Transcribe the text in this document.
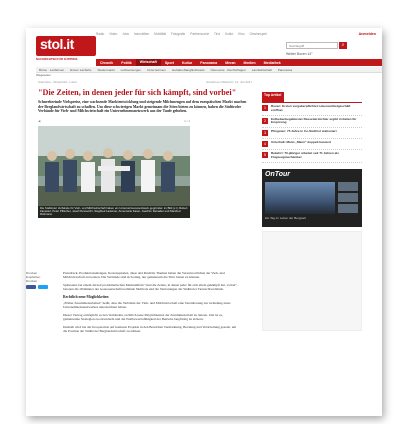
Radio Video Jobs Immobilien Mobilität Fotografie Partnersuche Tirol Kultur Kino Gewinnspiel	Anmelden
stol.it
NACHRICHTEN FÜR SÜDTIROL
Suchbegriff
⌕
Wetter Bozen 14°
Chronik	Politik	Wirtschaft	Sport	Kultur	Panorama	Meran	Medien	Mediathek
Börse · Leitbörsen	Essen Lanfiehs	Stellenmarkt	Luftmeinungen	Unternehmen	Gehalts-Rangfindtmarkt	Ökonomie · Rechtsfragen	Landwirtschaft	Panorama
Wegweiser
Startseite › Wirtschaft › Lokal	Erstellt am Mittwoch, 12. Juli 2017
"Die Zeiten, in denen jeder für sich kämpft, sind vorbei"

Schneebeeinde Vielspreise, eine wachsende Marktentwicklung und steigende Milchmengen auf dem europäischen Markt machen der Berglandwirtschaft zu schaffen. Um diese schwierigen Markt gemeinsam die Stirn bieten zu können, haben die Südtiroler Verbände für Vieh- und Milchwirtschaft ein Unternehmensnetzwerk aus der Taufe gehoben.

◀	1 / 1
Die Südtiroler Verbände für Vieh- und Milchwirtschaft haben ein Unternehmensnetzwerk gegründet: im Bild (v.l.) Robert Zampieri, Peter Pfitscher, Josef Pennacchi, Siegfried Ladurner, Annemarie Kaser, Joachim Reinalter und Manfred Röttmann.
Drucken
Empfehlen
Drucken

Preisdruck, Produktionsmengen, Kostenspiralen, diese und ähnliche Themen haben die Verantwortlichen der Vieh- und Milchwirtschaft zu beraten. Die Verbände sind sich einig, nur gemeinsam die Stirn bieten zu können.

Spätestens bei einem derzeit problematischen Marktumfeld "sind die Zeiten, in denen jeder für sich allein gekämpft hat, vorbei", betonen die Obmänner der Genossenschaftsverbände Südtirols und die Vertretungen der Südtiroler Tierzuchtverbände.

Rechtlich neue Möglichkeiten

„Früher Zusammenarbeiten" heißt, dass die Verbände der Vieh- und Milchwirtschaft eine Vereinbarung zur Gründung eines Unternehmensnetzwerkes unterzeichnet haben.

Dieser Vertrag ermöglicht es den Verbänden, rechtlich neue Möglichkeiten der Zusammenarbeit zu nutzen. Ziel ist es, gemeinsame Strategien zu entwickeln und die Wettbewerbsfähigkeit der Betriebe langfristig zu sichern.

Deshalb wird bei der Kooperation auf konkrete Projekte in den Bereichen Vermarktung, Beratung und Verarbeitung gesetzt, um die Position der Südtiroler Berglandwirtschaft zu stärken.

Top Artikel
1	Bozen: Ersten vergaberpflichtet Lebensmittelgeschäft eröffnet
2	Erdbebenbegabtester Rassetierzüchter ergibt in Italien für Empörung
3	Pfingsten: 75 Jahre in Co-Südtirol stationiert
4	Unterhalt: Mann „Mann" doppelt kassiert
5	Bekehrt: 70-jähriger arbeitet seit 71 Jahren als Flugzeugmechaniker
OnTour
Ein Tag im Leben der Bergwelt
